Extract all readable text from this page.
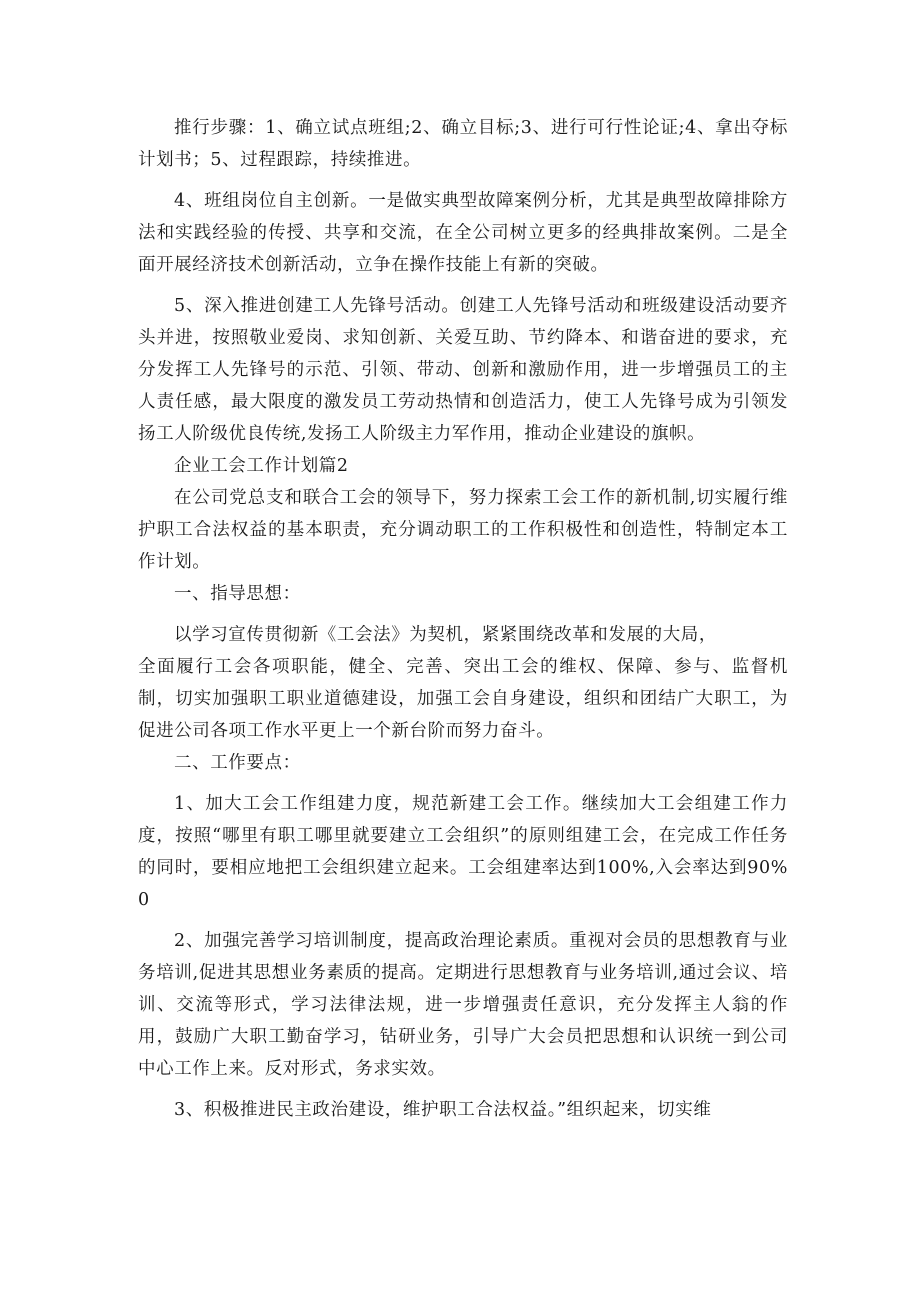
推行步骤：1、确立试点班组;2、确立目标;3、进行可行性论证;4、拿出夺标计划书；5、过程跟踪，持续推进。

4、班组岗位自主创新。一是做实典型故障案例分析，尤其是典型故障排除方法和实践经验的传授、共享和交流，在全公司树立更多的经典排故案例。二是全面开展经济技术创新活动，立争在操作技能上有新的突破。

5、深入推进创建工人先锋号活动。创建工人先锋号活动和班级建设活动要齐头并进，按照敬业爱岗、求知创新、关爱互助、节约降本、和谐奋进的要求，充分发挥工人先锋号的示范、引领、带动、创新和激励作用，进一步增强员工的主人责任感，最大限度的激发员工劳动热情和创造活力，使工人先锋号成为引领发扬工人阶级优良传统,发扬工人阶级主力军作用，推动企业建设的旗帜。

企业工会工作计划篇2

在公司党总支和联合工会的领导下，努力探索工会工作的新机制,切实履行维护职工合法权益的基本职责，充分调动职工的工作积极性和创造性，特制定本工作计划。

一、指导思想：

以学习宣传贯彻新《工会法》为契机，紧紧围绕改革和发展的大局，

全面履行工会各项职能，健全、完善、突出工会的维权、保障、参与、监督机制，切实加强职工职业道德建设，加强工会自身建设，组织和团结广大职工，为促进公司各项工作水平更上一个新台阶而努力奋斗。

二、工作要点：

1、加大工会工作组建力度，规范新建工会工作。继续加大工会组建工作力度，按照“哪里有职工哪里就要建立工会组织”的原则组建工会，在完成工作任务的同时，要相应地把工会组织建立起来。工会组建率达到100%,入会率达到90%0

2、加强完善学习培训制度，提高政治理论素质。重视对会员的思想教育与业务培训,促进其思想业务素质的提高。定期进行思想教育与业务培训,通过会议、培训、交流等形式，学习法律法规，进一步增强责任意识，充分发挥主人翁的作用，鼓励广大职工勤奋学习，钻研业务，引导广大会员把思想和认识统一到公司中心工作上来。反对形式，务求实效。

3、积极推进民主政治建设，维护职工合法权益。”组织起来，切实维
